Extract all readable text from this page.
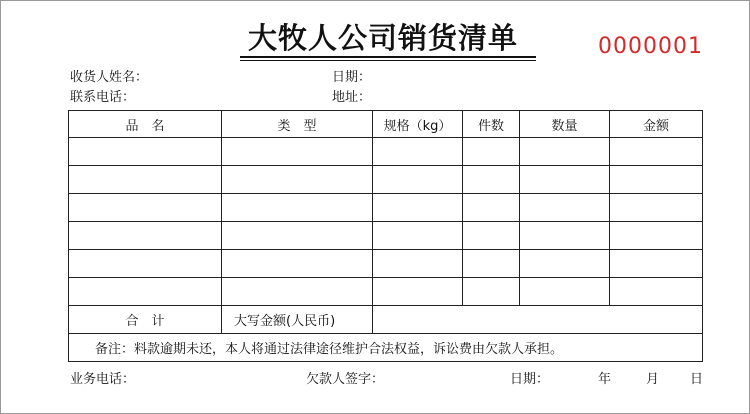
大牧人公司销货清单	0000001
收货人姓名：	日期：
联系电话：	地址：
品　名	类　型	规格（kg）	件数	数量	金额

合　计	大写金额(人民币)				
备注：料款逾期未还，本人将通过法律途径维护合法权益，诉讼费由欠款人承担。					
业务电话：	欠款人签字：	日期：	年	月 日
